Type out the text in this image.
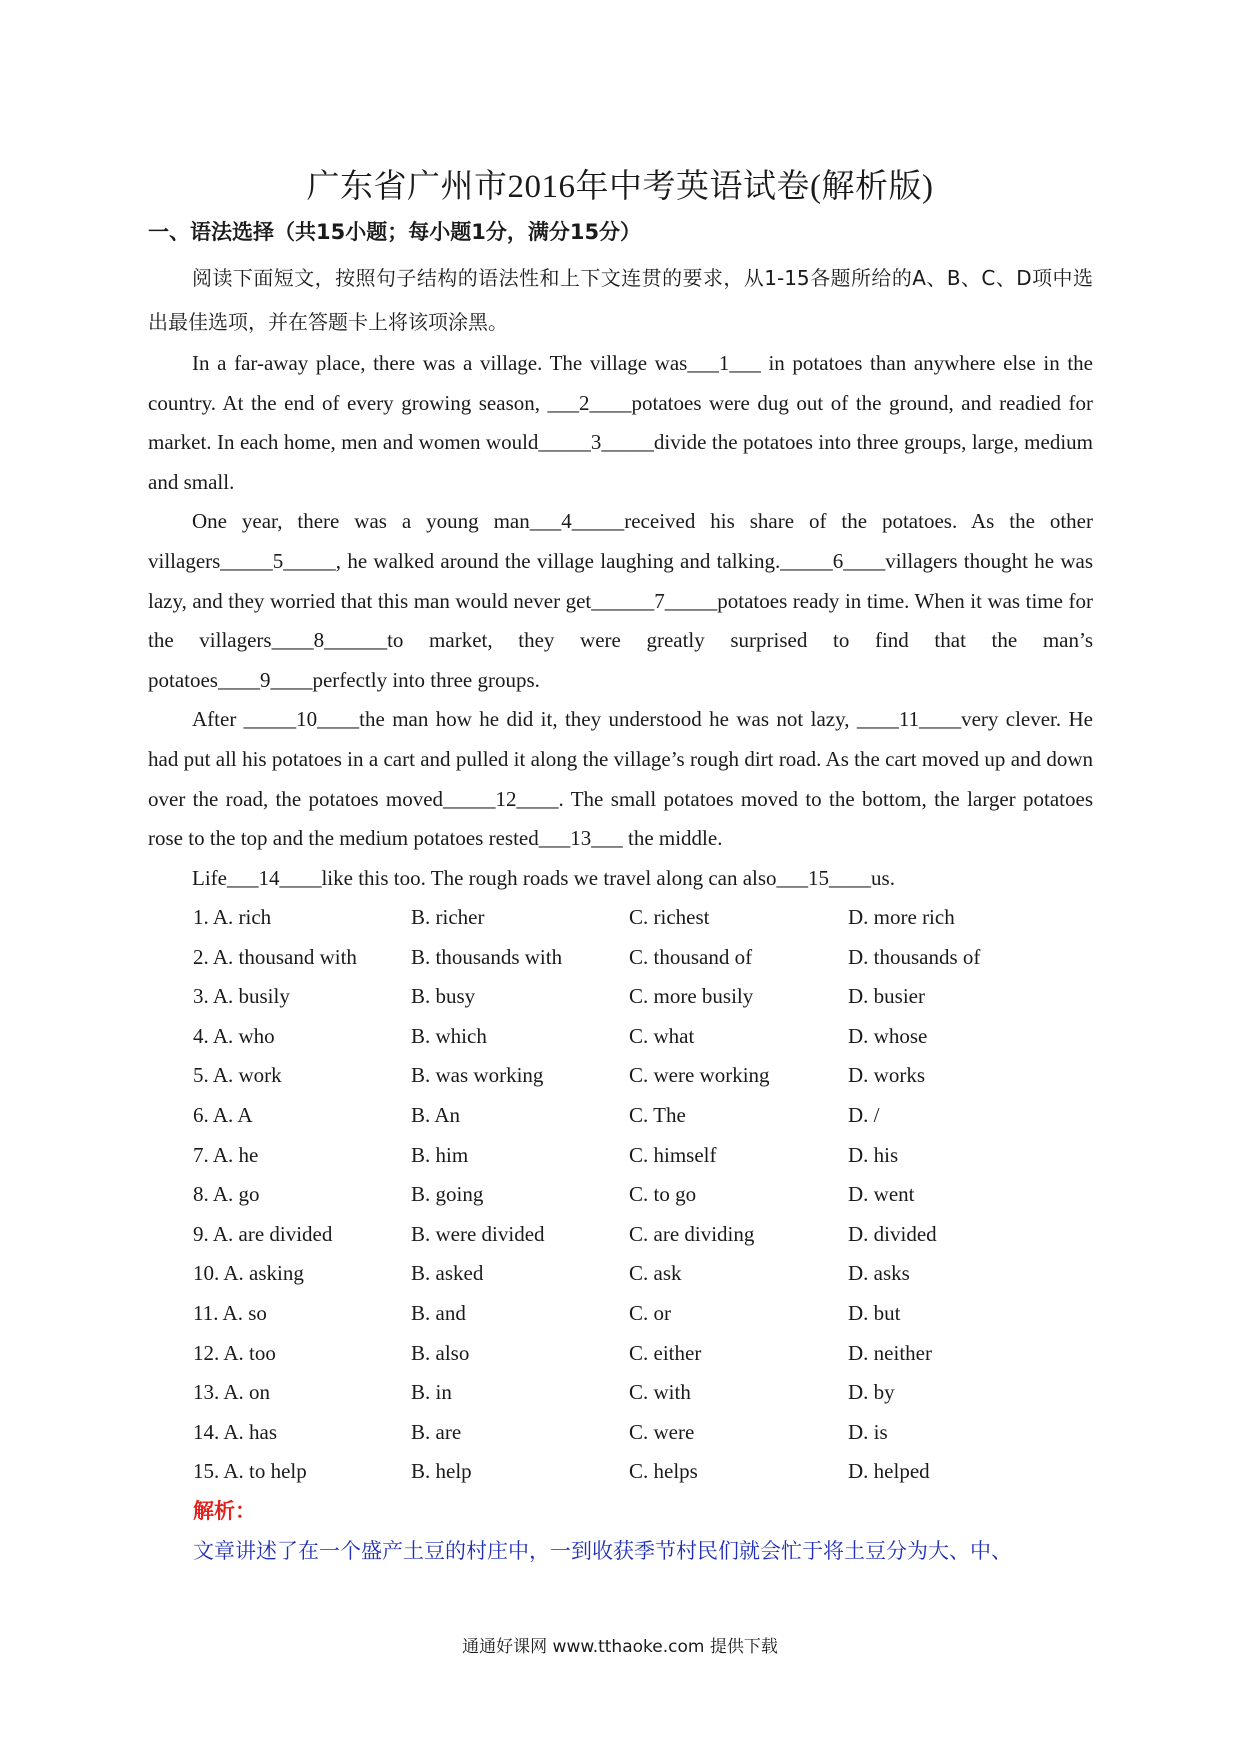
广东省广州市2016年中考英语试卷(解析版)
一、语法选择（共15小题；每小题1分，满分15分）

阅读下面短文，按照句子结构的语法性和上下文连贯的要求，从1-15各题所给的A、B、C、D项中选出最佳选项，并在答题卡上将该项涂黑。

In a far-away place, there was a village. The village was___1___ in potatoes than anywhere else in the country. At the end of every growing season, ___2____potatoes were dug out of the ground, and readied for market. In each home, men and women would_____3_____divide the potatoes into three groups, large, medium and small.

One year, there was a young man___4_____received his share of the potatoes. As the other villagers_____5_____, he walked around the village laughing and talking._____6____villagers thought he was lazy, and they worried that this man would never get______7_____potatoes ready in time. When it was time for the villagers____8______to market, they were greatly surprised to find that the man’s potatoes____9____perfectly into three groups.

After _____10____the man how he did it, they understood he was not lazy, ____11____very clever. He had put all his potatoes in a cart and pulled it along the village’s rough dirt road. As the cart moved up and down over the road, the potatoes moved_____12____. The small potatoes moved to the bottom, the larger potatoes rose to the top and the medium potatoes rested___13___ the middle.

Life___14____like this too. The rough roads we travel along can also___15____us.

1. A. rich	B. richer	C. richest	D. more rich
2. A. thousand with	B. thousands with	C. thousand of	D. thousands of
3. A. busily	B. busy	C. more busily	D. busier
4. A. who	B. which	C. what	D. whose
5. A. work	B. was working	C. were working	D. works
6. A. A	B. An	C. The	D. /
7. A. he	B. him	C. himself	D. his
8. A. go	B. going	C. to go	D. went
9. A. are divided	B. were divided	C. are dividing	D. divided
10. A. asking	B. asked	C. ask	D. asks
11. A. so	B. and	C. or	D. but
12. A. too	B. also	C. either	D. neither
13. A. on	B. in	C. with	D. by
14. A. has	B. are	C. were	D. is
15. A. to help	B. help	C. helps	D. helped
解析：
文章讲述了在一个盛产土豆的村庄中，一到收获季节村民们就会忙于将土豆分为大、中、
通通好课网 www.tthaoke.com 提供下载
